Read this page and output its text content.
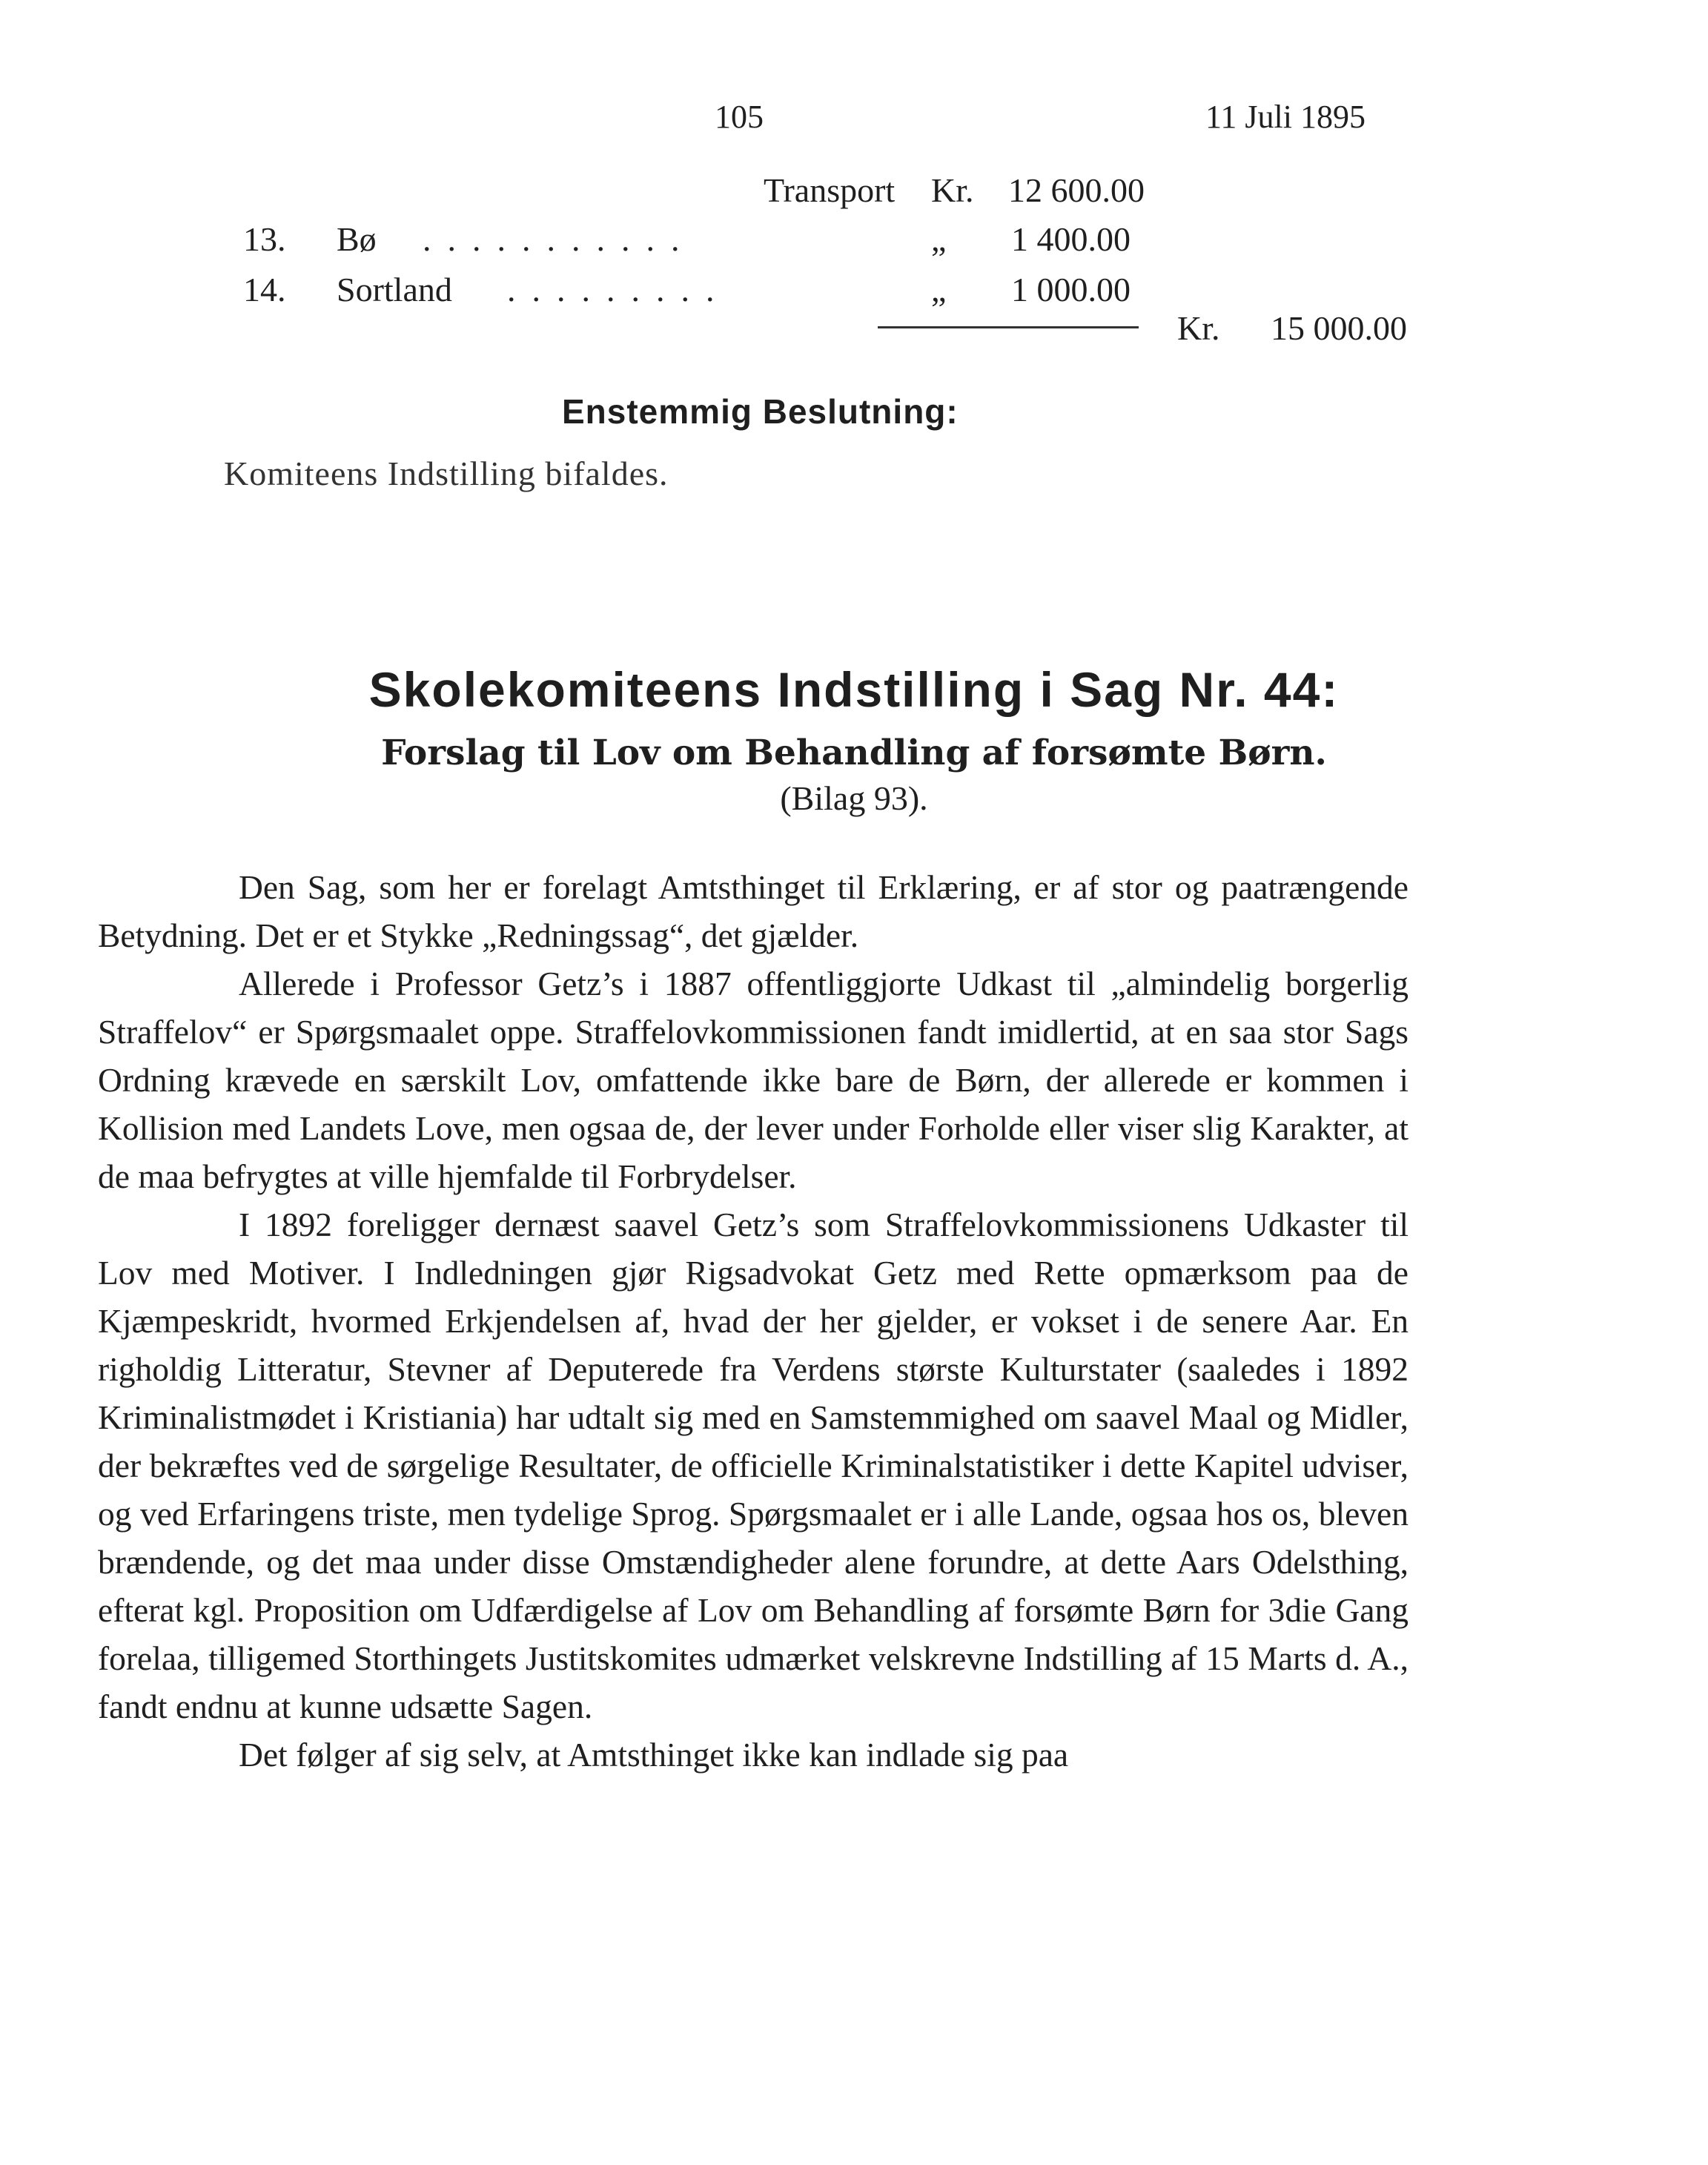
105	11 Juli 1895
Transport Kr. 12 600.00
13. Bø ...........	„ 1 400.00
14. Sortland .........	„ 1 000.00
Kr. 15 000.00
Enstemmig Beslutning:
Komiteens Indstilling bifaldes.
Skolekomiteens Indstilling i Sag Nr. 44:
Forslag til Lov om Behandling af forsømte Børn.
(Bilag 93).

Den Sag, som her er forelagt Amtsthinget til Erklæring, er af stor og paatrængende Betydning. Det er et Stykke „Redningssag“, det gjælder.

Allerede i Professor Getz’s i 1887 offentliggjorte Udkast til „almindelig borgerlig Straffelov“ er Spørgsmaalet oppe. Straffelovkommissionen fandt imidlertid, at en saa stor Sags Ordning krævede en særskilt Lov, omfattende ikke bare de Børn, der allerede er kommen i Kollision med Landets Love, men ogsaa de, der lever under Forholde eller viser slig Karakter, at de maa befrygtes at ville hjemfalde til Forbrydelser.

I 1892 foreligger dernæst saavel Getz’s som Straffelovkommissionens Udkaster til Lov med Motiver. I Indledningen gjør Rigsadvokat Getz med Rette opmærksom paa de Kjæmpeskridt, hvormed Erkjendelsen af, hvad der her gjelder, er vokset i de senere Aar. En righoldig Litteratur, Stevner af Deputerede fra Verdens største Kulturstater (saaledes i 1892 Kriminalistmødet i Kristiania) har udtalt sig med en Samstemmighed om saavel Maal og Midler, der bekræftes ved de sørgelige Resultater, de officielle Kriminalstatistiker i dette Kapitel udviser, og ved Erfaringens triste, men tydelige Sprog. Spørgsmaalet er i alle Lande, ogsaa hos os, bleven brændende, og det maa under disse Omstændigheder alene forundre, at dette Aars Odelsthing, efterat kgl. Proposition om Udfærdigelse af Lov om Behandling af forsømte Børn for 3die Gang forelaa, tilligemed Storthingets Justitskomites udmærket velskrevne Indstilling af 15 Marts d. A., fandt endnu at kunne udsætte Sagen.

Det følger af sig selv, at Amtsthinget ikke kan indlade sig paa
